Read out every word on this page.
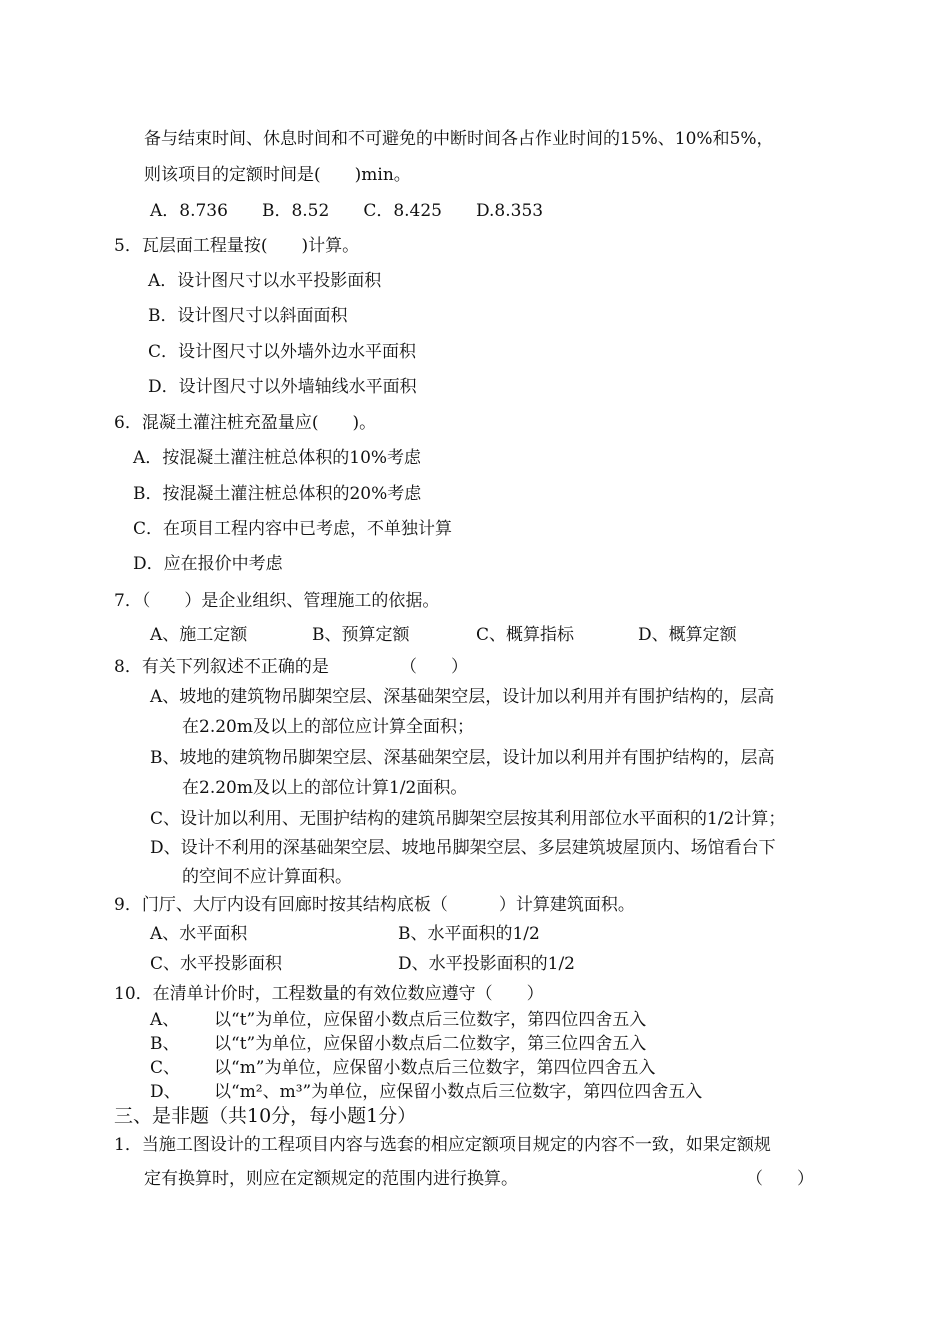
备与结束时间、休息时间和不可避免的中断时间各占作业时间的15%、10%和5%，
则该项目的定额时间是(　　)min。
A．8.736 B．8.52 C．8.425 D.8.353
5．瓦层面工程量按(　　)计算。
A．设计图尺寸以水平投影面积
B．设计图尺寸以斜面面积
C．设计图尺寸以外墙外边水平面积
D．设计图尺寸以外墙轴线水平面积
6．混凝土灌注桩充盈量应(　　)。
A．按混凝土灌注桩总体积的10%考虑
B．按混凝土灌注桩总体积的20%考虑
C．在项目工程内容中已考虑，不单独计算
D．应在报价中考虑
7．（　　）是企业组织、管理施工的依据。
A、施工定额	B、预算定额	C、概算指标	D、概算定额
8．有关下列叙述不正确的是	（　　）
A、坡地的建筑物吊脚架空层、深基础架空层，设计加以利用并有围护结构的，层高
在2.20m及以上的部位应计算全面积；
B、坡地的建筑物吊脚架空层、深基础架空层，设计加以利用并有围护结构的，层高
在2.20m及以上的部位计算1/2面积。
C、设计加以利用、无围护结构的建筑吊脚架空层按其利用部位水平面积的1/2计算；
D、设计不利用的深基础架空层、坡地吊脚架空层、多层建筑坡屋顶内、场馆看台下
的空间不应计算面积。
9．门厅、大厅内设有回廊时按其结构底板（　　　）计算建筑面积。
A、水平面积	B、水平面积的1/2
C、水平投影面积	D、水平投影面积的1/2
10．在清单计价时，工程数量的有效位数应遵守（　　）
A、 以“t”为单位，应保留小数点后三位数字，第四位四舍五入
B、 以“t”为单位，应保留小数点后二位数字，第三位四舍五入
C、 以“m”为单位，应保留小数点后三位数字，第四位四舍五入
D、 以“m²、m³”为单位，应保留小数点后三位数字，第四位四舍五入
三、是非题（共10分，每小题1分）
1．当施工图设计的工程项目内容与选套的相应定额项目规定的内容不一致，如果定额规
定有换算时，则应在定额规定的范围内进行换算。	（　　）
